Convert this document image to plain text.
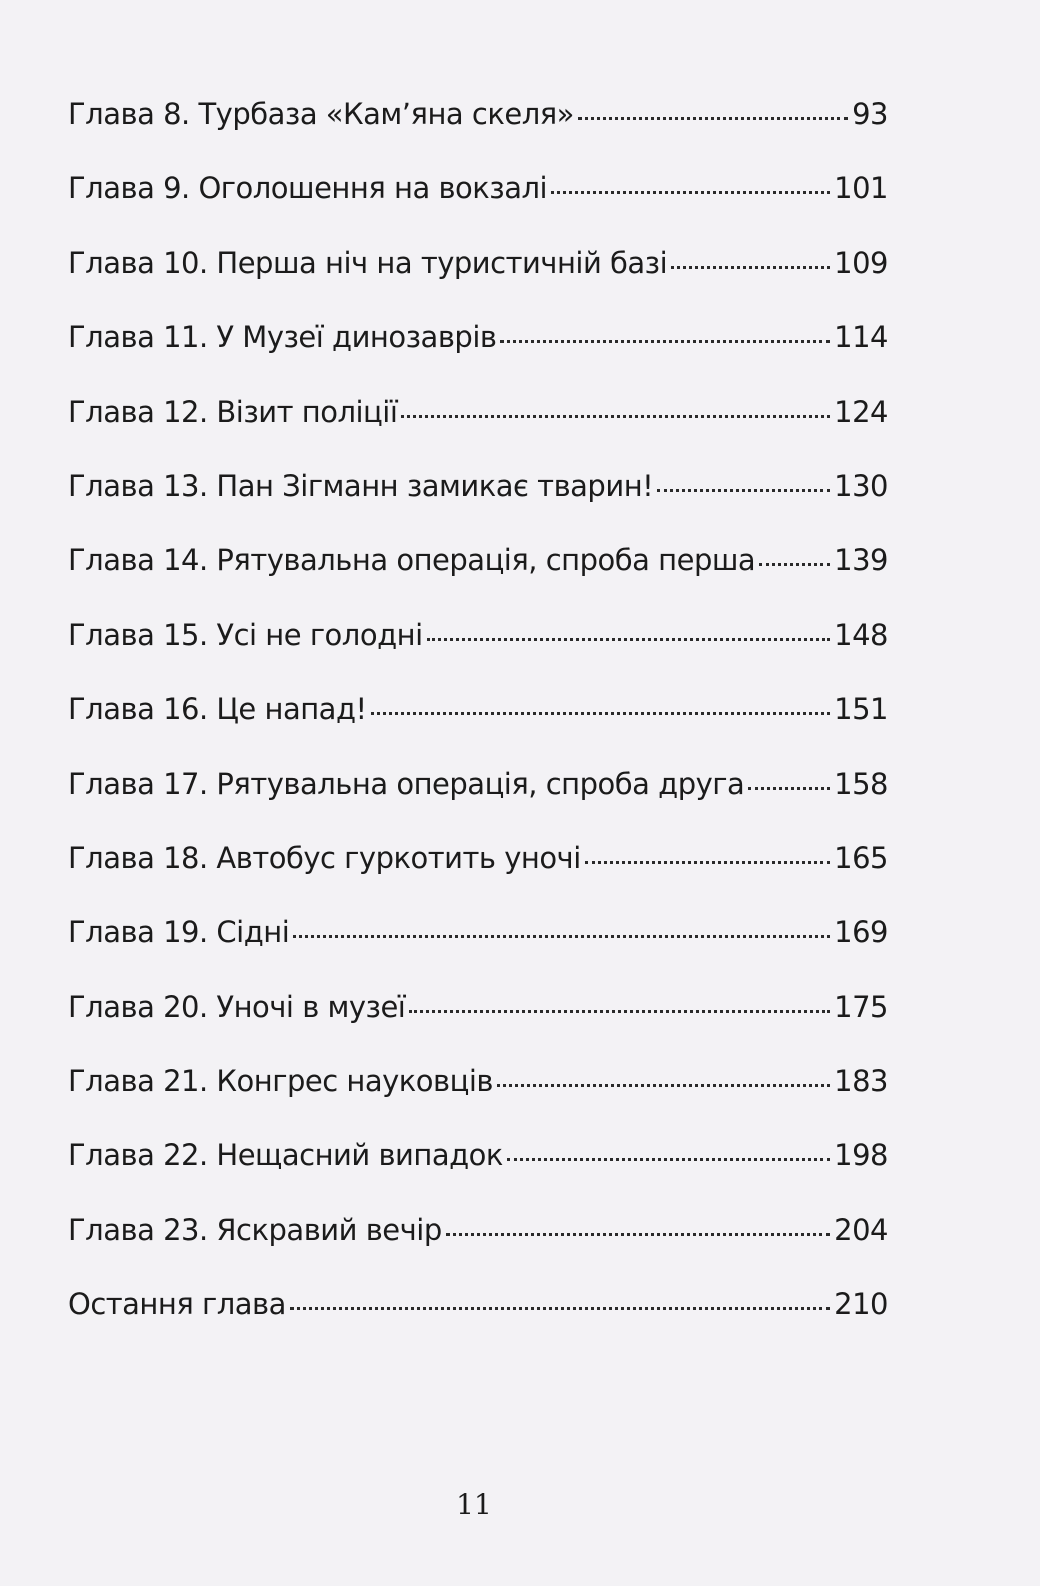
Глава 8. Турбаза «Кам’яна скеля»	93
Глава 9. Оголошення на вокзалі	101
Глава 10. Перша ніч на туристичній базі	109
Глава 11. У Музеї динозаврів	114
Глава 12. Візит поліції	124
Глава 13. Пан Зігманн замикає тварин!	130
Глава 14. Рятувальна операція, спроба перша	139
Глава 15. Усі не голодні	148
Глава 16. Це напад!	151
Глава 17. Рятувальна операція, спроба друга	158
Глава 18. Автобус гуркотить уночі	165
Глава 19. Сідні	169
Глава 20. Уночі в музеї	175
Глава 21. Конгрес науковців	183
Глава 22. Нещасний випадок	198
Глава 23. Яскравий вечір	204
Остання глава	210
11
